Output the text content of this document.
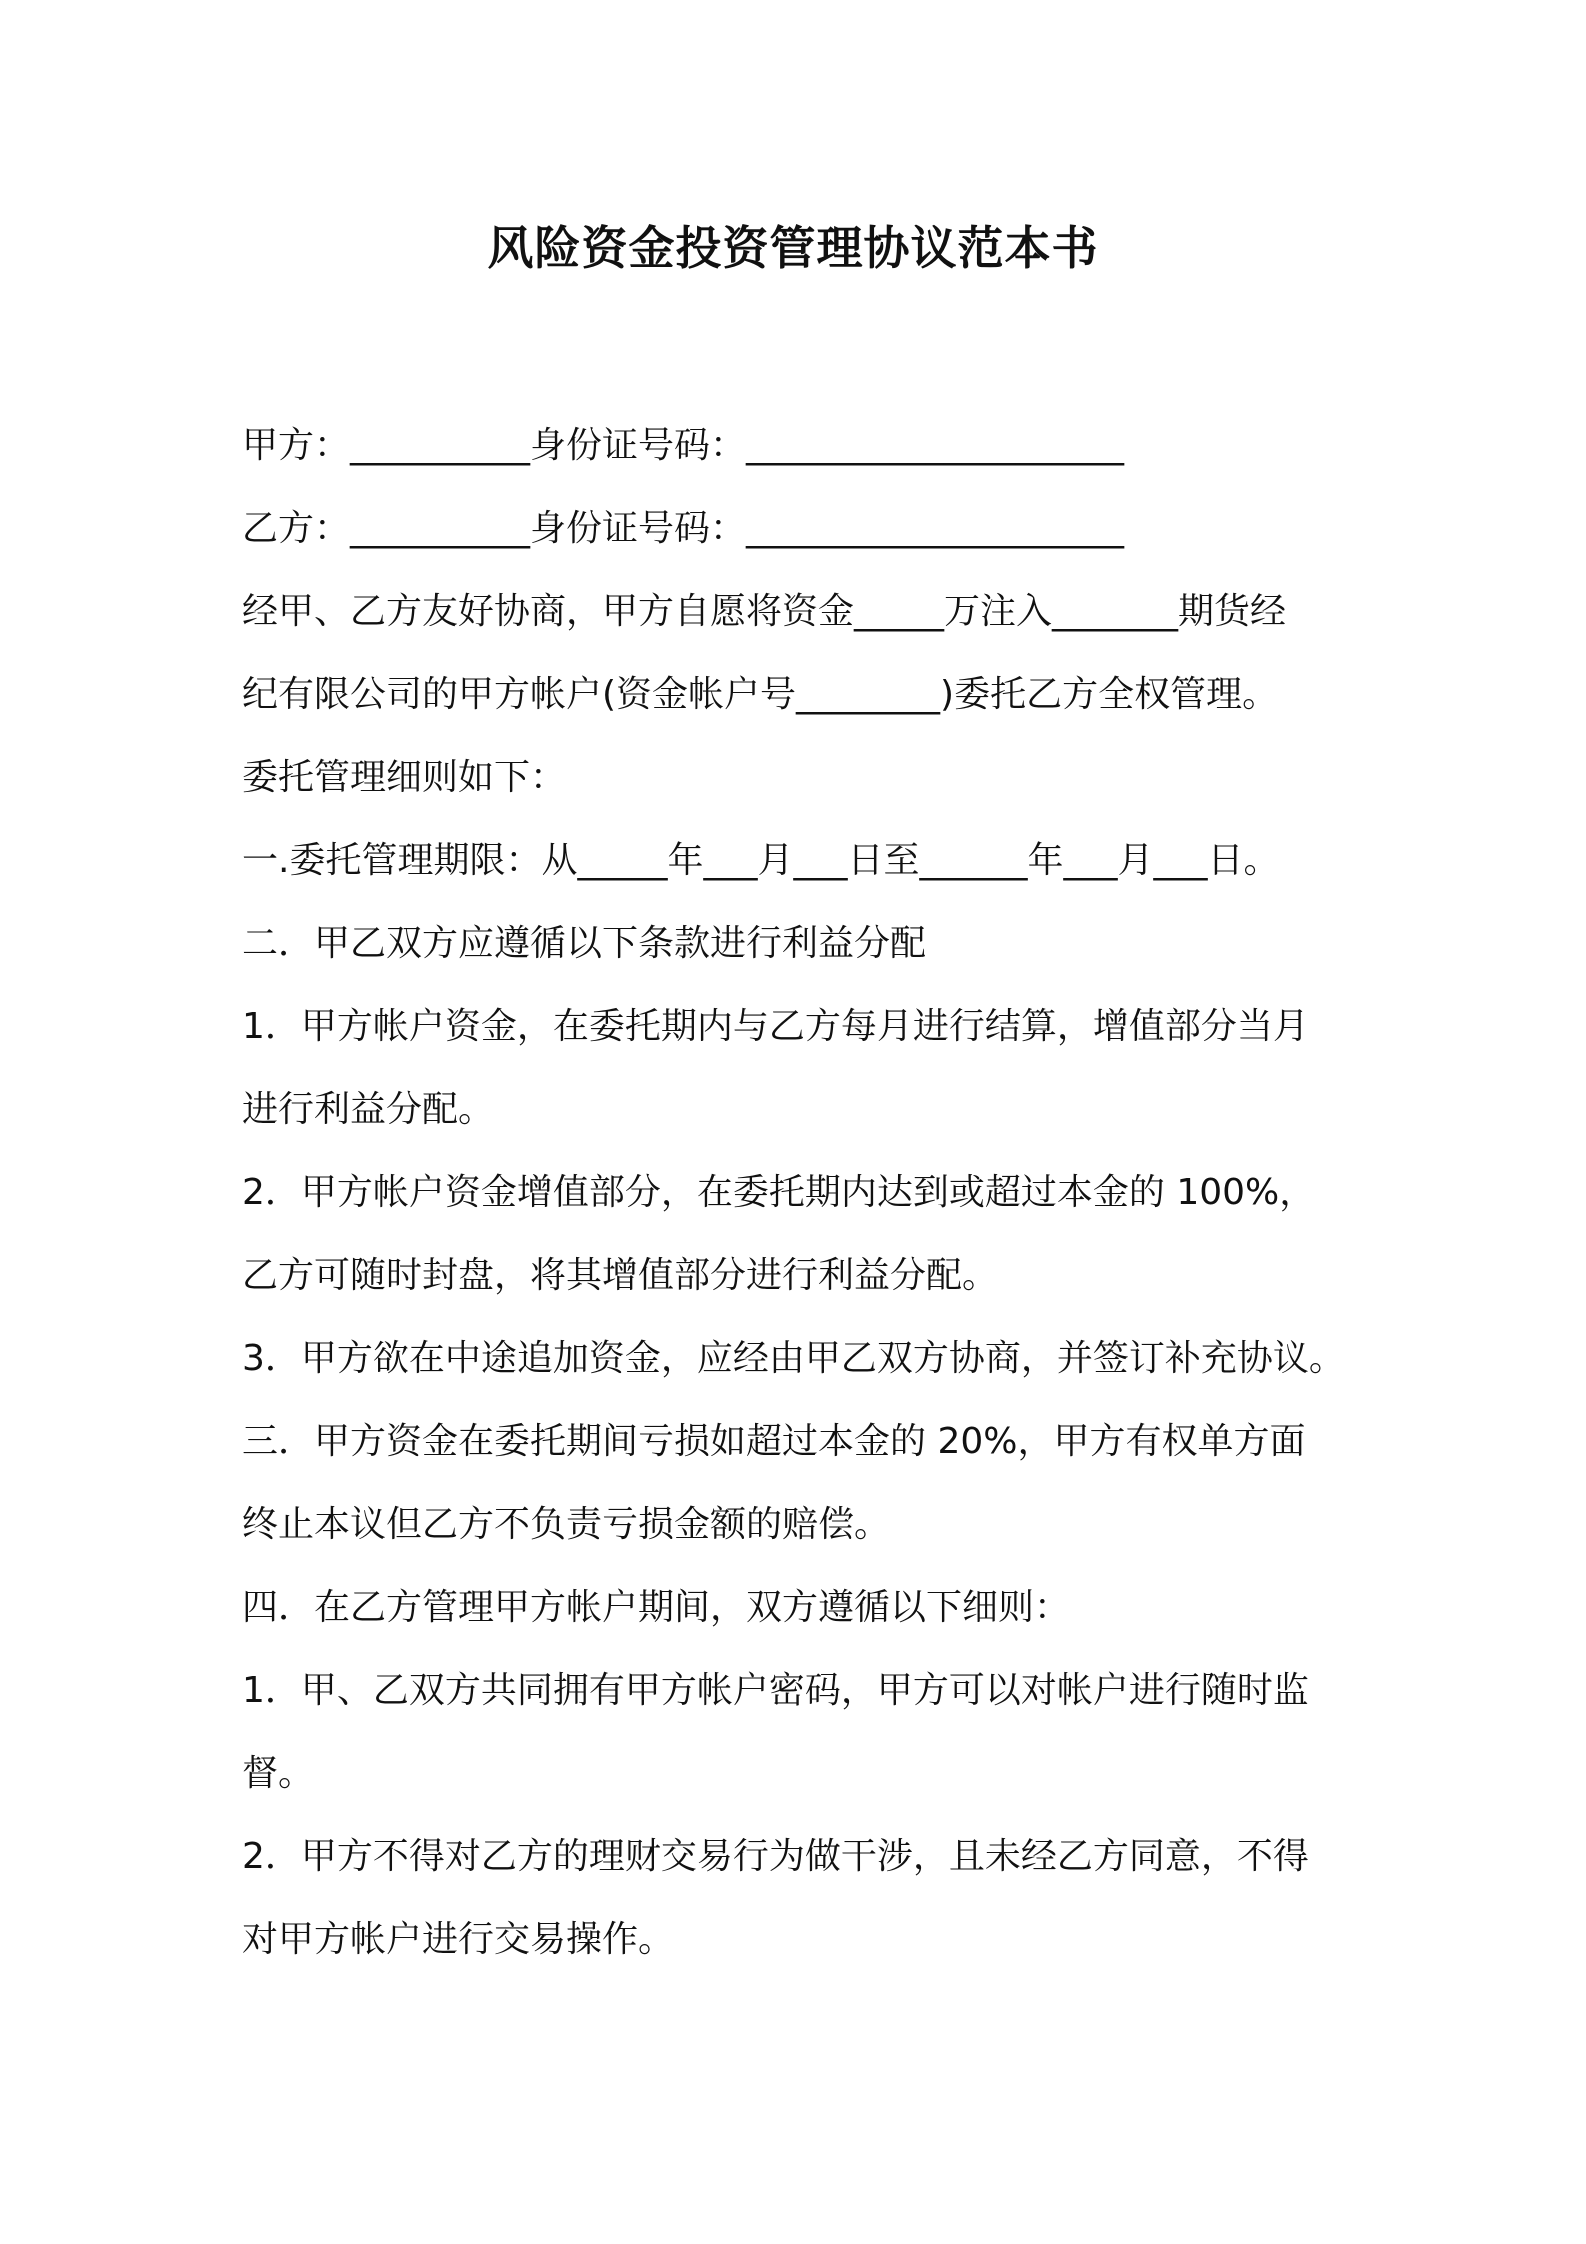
风险资金投资管理协议范本书
甲方：__________身份证号码：_____________________
乙方：__________身份证号码：_____________________
经甲、乙方友好协商，甲方自愿将资金_____万注入_______期货经
纪有限公司的甲方帐户(资金帐户号________)委托乙方全权管理。
委托管理细则如下：
一.委托管理期限：从_____年___月___日至______年___月___日。
二．甲乙双方应遵循以下条款进行利益分配
1．甲方帐户资金，在委托期内与乙方每月进行结算，增值部分当月
进行利益分配。
2．甲方帐户资金增值部分，在委托期内达到或超过本金的 100%，
乙方可随时封盘，将其增值部分进行利益分配。
3．甲方欲在中途追加资金，应经由甲乙双方协商，并签订补充协议。
三．甲方资金在委托期间亏损如超过本金的 20%，甲方有权单方面
终止本议但乙方不负责亏损金额的赔偿。
四．在乙方管理甲方帐户期间，双方遵循以下细则：
1．甲、乙双方共同拥有甲方帐户密码，甲方可以对帐户进行随时监
督。
2．甲方不得对乙方的理财交易行为做干涉，且未经乙方同意，不得
对甲方帐户进行交易操作。
